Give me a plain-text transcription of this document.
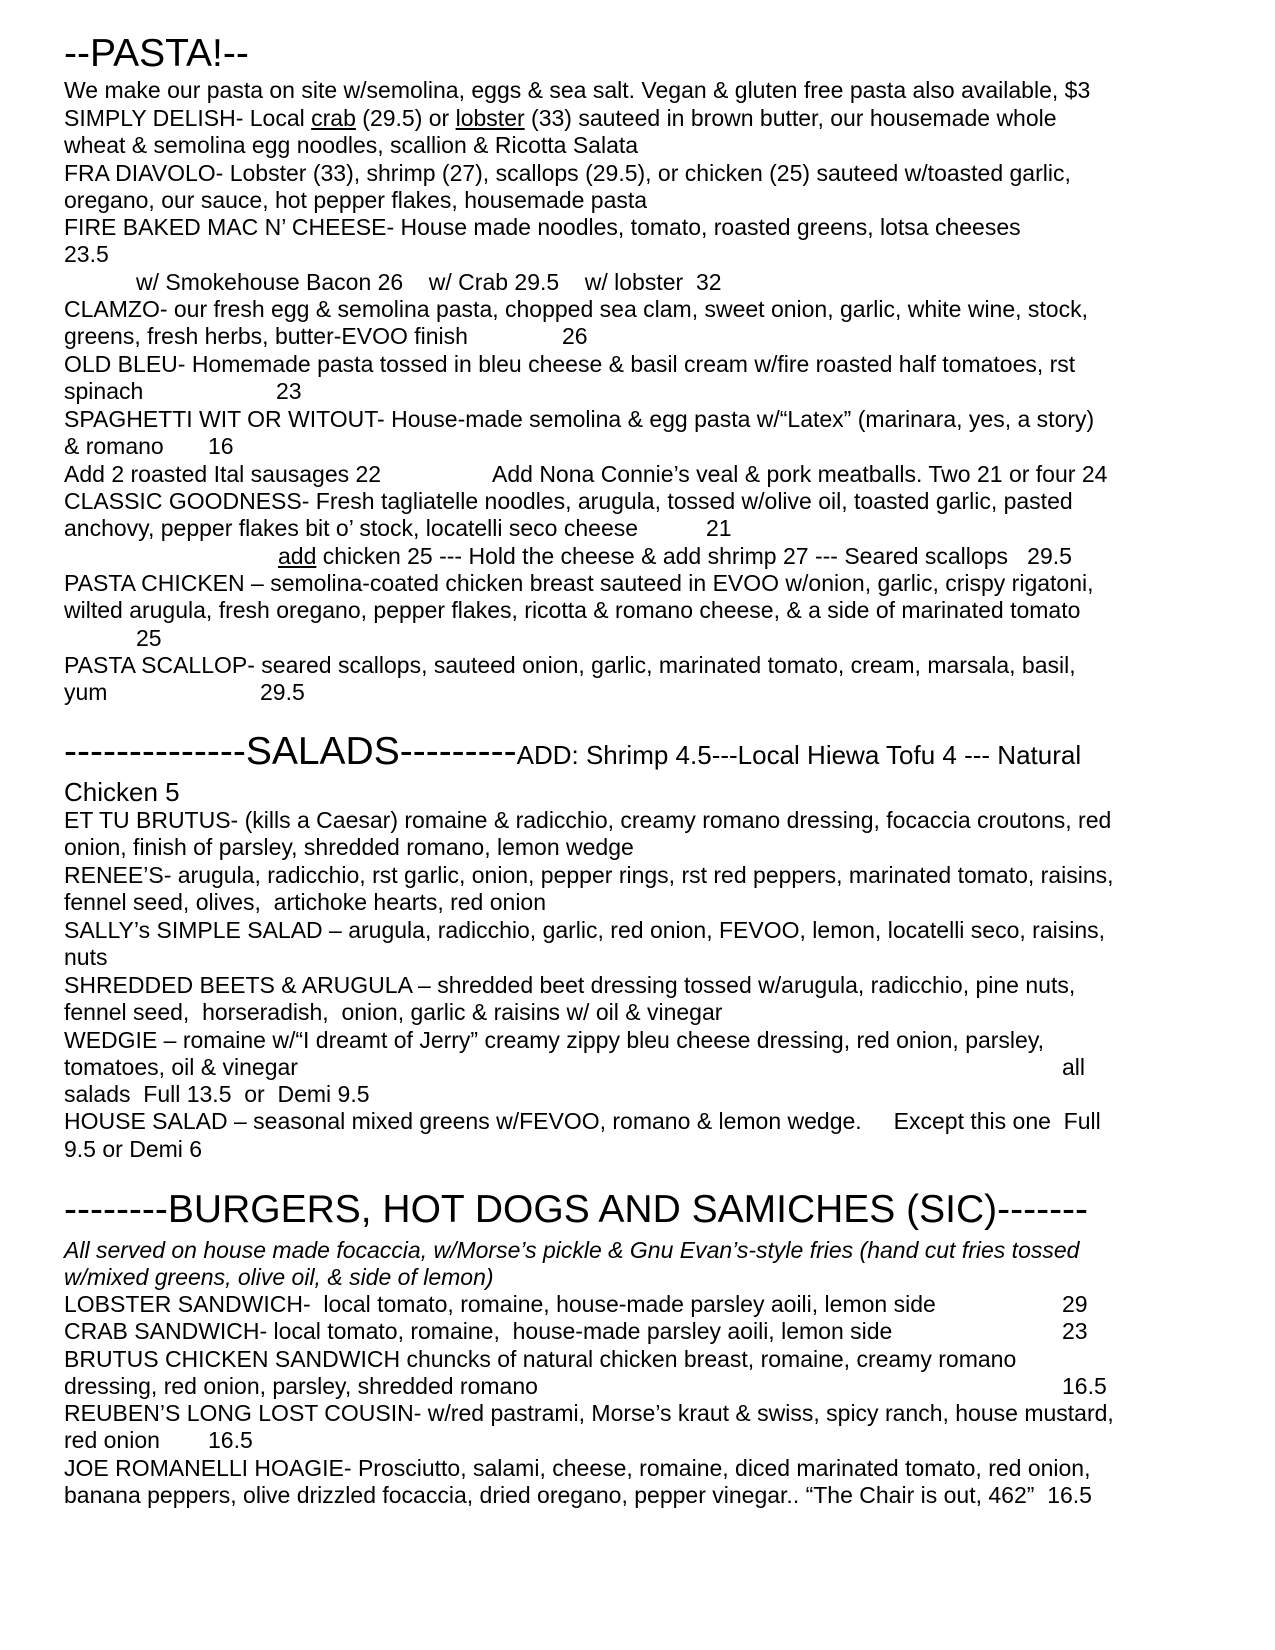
--PASTA!--
We make our pasta on site w/semolina, eggs & sea salt. Vegan & gluten free pasta also available, $3
SIMPLY DELISH- Local crab (29.5) or lobster (33) sauteed in brown butter, our housemade whole
wheat & semolina egg noodles, scallion & Ricotta Salata
FRA DIAVOLO- Lobster (33), shrimp (27), scallops (29.5), or chicken (25) sauteed w/toasted garlic,
oregano, our sauce, hot pepper flakes, housemade pasta
FIRE BAKED MAC N’ CHEESE- House made noodles, tomato, roasted greens, lotsa cheeses
23.5
w/ Smokehouse Bacon 26    w/ Crab 29.5    w/ lobster  32
CLAMZO- our fresh egg & semolina pasta, chopped sea clam, sweet onion, garlic, white wine, stock,
greens, fresh herbs, butter-EVOO finish	26
OLD BLEU- Homemade pasta tossed in bleu cheese & basil cream w/fire roasted half tomatoes, rst
spinach	23
SPAGHETTI WIT OR WITOUT- House-made semolina & egg pasta w/“Latex” (marinara, yes, a story)
& romano 16
Add 2 roasted Ital sausages 22	Add Nona Connie’s veal & pork meatballs. Two 21 or four 24
CLASSIC GOODNESS- Fresh tagliatelle noodles, arugula, tossed w/olive oil, toasted garlic, pasted
anchovy, pepper flakes bit o’ stock, locatelli seco cheese	21
add chicken 25 --- Hold the cheese & add shrimp 27 --- Seared scallops   29.5
PASTA CHICKEN – semolina-coated chicken breast sauteed in EVOO w/onion, garlic, crispy rigatoni,
wilted arugula, fresh oregano, pepper flakes, ricotta & romano cheese, & a side of marinated tomato
25
PASTA SCALLOP- seared scallops, sauteed onion, garlic, marinated tomato, cream, marsala, basil,
yum	29.5
--------------SALADS---------ADD: Shrimp 4.5---Local Hiewa Tofu 4 --- Natural
Chicken 5
ET TU BRUTUS- (kills a Caesar) romaine & radicchio, creamy romano dressing, focaccia croutons, red
onion, finish of parsley, shredded romano, lemon wedge
RENEE’S- arugula, radicchio, rst garlic, onion, pepper rings, rst red peppers, marinated tomato, raisins,
fennel seed, olives,  artichoke hearts, red onion
SALLY’s SIMPLE SALAD – arugula, radicchio, garlic, red onion, FEVOO, lemon, locatelli seco, raisins,
nuts
SHREDDED BEETS & ARUGULA – shredded beet dressing tossed w/arugula, radicchio, pine nuts,
fennel seed,  horseradish,  onion, garlic & raisins w/ oil & vinegar
WEDGIE – romaine w/“I dreamt of Jerry” creamy zippy bleu cheese dressing, red onion, parsley,
tomatoes, oil & vinegar	all
salads  Full 13.5  or  Demi 9.5
HOUSE SALAD – seasonal mixed greens w/FEVOO, romano & lemon wedge.     Except this one  Full
9.5 or Demi 6
--------BURGERS, HOT DOGS AND SAMICHES (SIC)-------
All served on house made focaccia, w/Morse’s pickle & Gnu Evan’s-style fries (hand cut fries tossed
w/mixed greens, olive oil, & side of lemon)
LOBSTER SANDWICH-  local tomato, romaine, house-made parsley aoili, lemon side	29
CRAB SANDWICH- local tomato, romaine,  house-made parsley aoili, lemon side	23
BRUTUS CHICKEN SANDWICH chuncks of natural chicken breast, romaine, creamy romano
dressing, red onion, parsley, shredded romano	16.5
REUBEN’S LONG LOST COUSIN- w/red pastrami, Morse’s kraut & swiss, spicy ranch, house mustard,
red onion 16.5
JOE ROMANELLI HOAGIE- Prosciutto, salami, cheese, romaine, diced marinated tomato, red onion,
banana peppers, olive drizzled focaccia, dried oregano, pepper vinegar.. “The Chair is out, 462”  16.5
